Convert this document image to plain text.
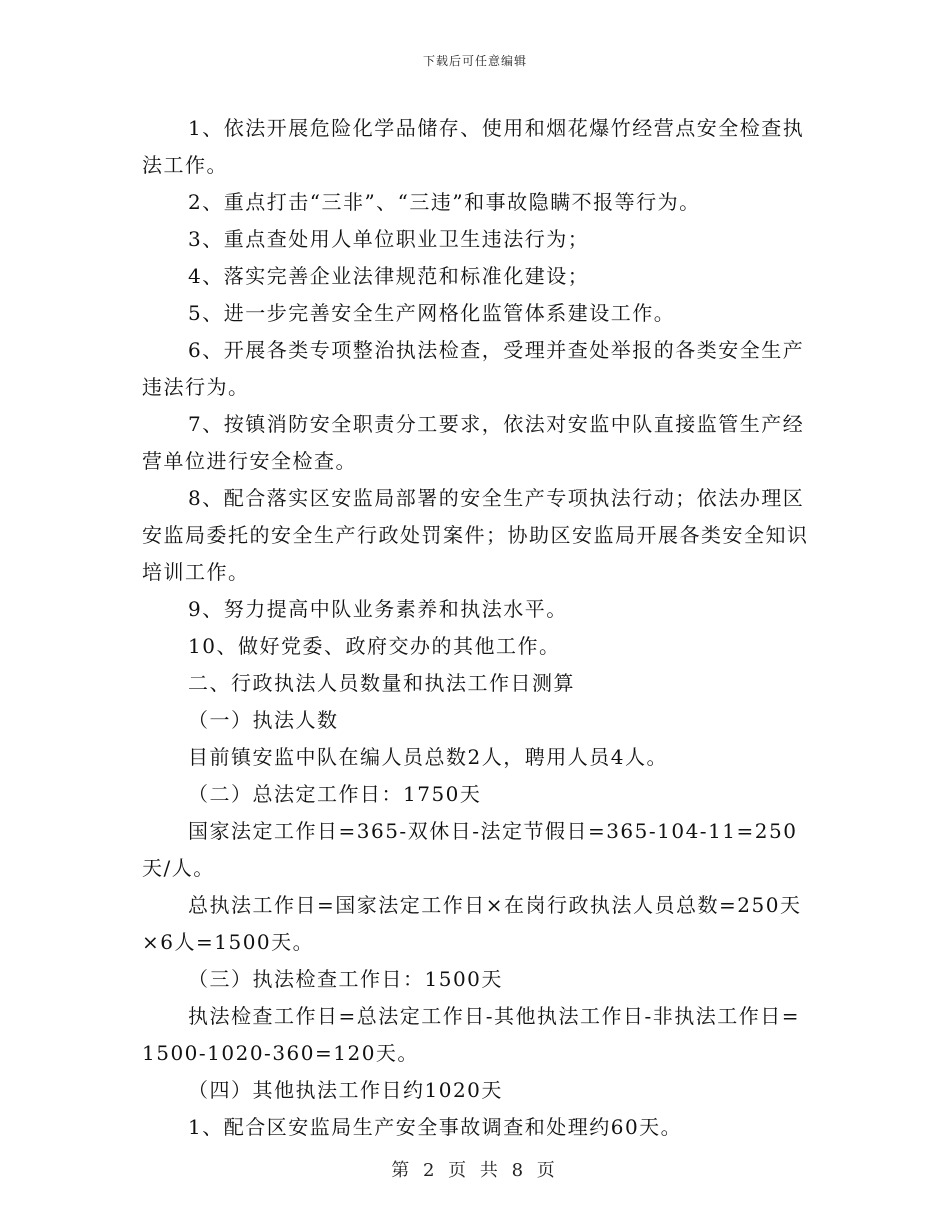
下载后可任意编辑

1、依法开展危险化学品储存、使用和烟花爆竹经营点安全检查执法工作。

2、重点打击“三非”、“三违”和事故隐瞒不报等行为。

3、重点查处用人单位职业卫生违法行为；

4、落实完善企业法律规范和标准化建设；

5、进一步完善安全生产网格化监管体系建设工作。

6、开展各类专项整治执法检查，受理并查处举报的各类安全生产违法行为。

7、按镇消防安全职责分工要求，依法对安监中队直接监管生产经营单位进行安全检查。

8、配合落实区安监局部署的安全生产专项执法行动；依法办理区安监局委托的安全生产行政处罚案件；协助区安监局开展各类安全知识培训工作。

9、努力提高中队业务素养和执法水平。

10、做好党委、政府交办的其他工作。

二、行政执法人员数量和执法工作日测算

（一）执法人数

目前镇安监中队在编人员总数2人，聘用人员4人。

（二）总法定工作日：1750天

国家法定工作日=365-双休日-法定节假日=365-104-11=250天/人。

总执法工作日=国家法定工作日×在岗行政执法人员总数=250天×6人=1500天。

（三）执法检查工作日：1500天

执法检查工作日=总法定工作日-其他执法工作日-非执法工作日=1500-1020-360=120天。

（四）其他执法工作日约1020天

1、配合区安监局生产安全事故调查和处理约60天。

第 2 页 共 8 页
